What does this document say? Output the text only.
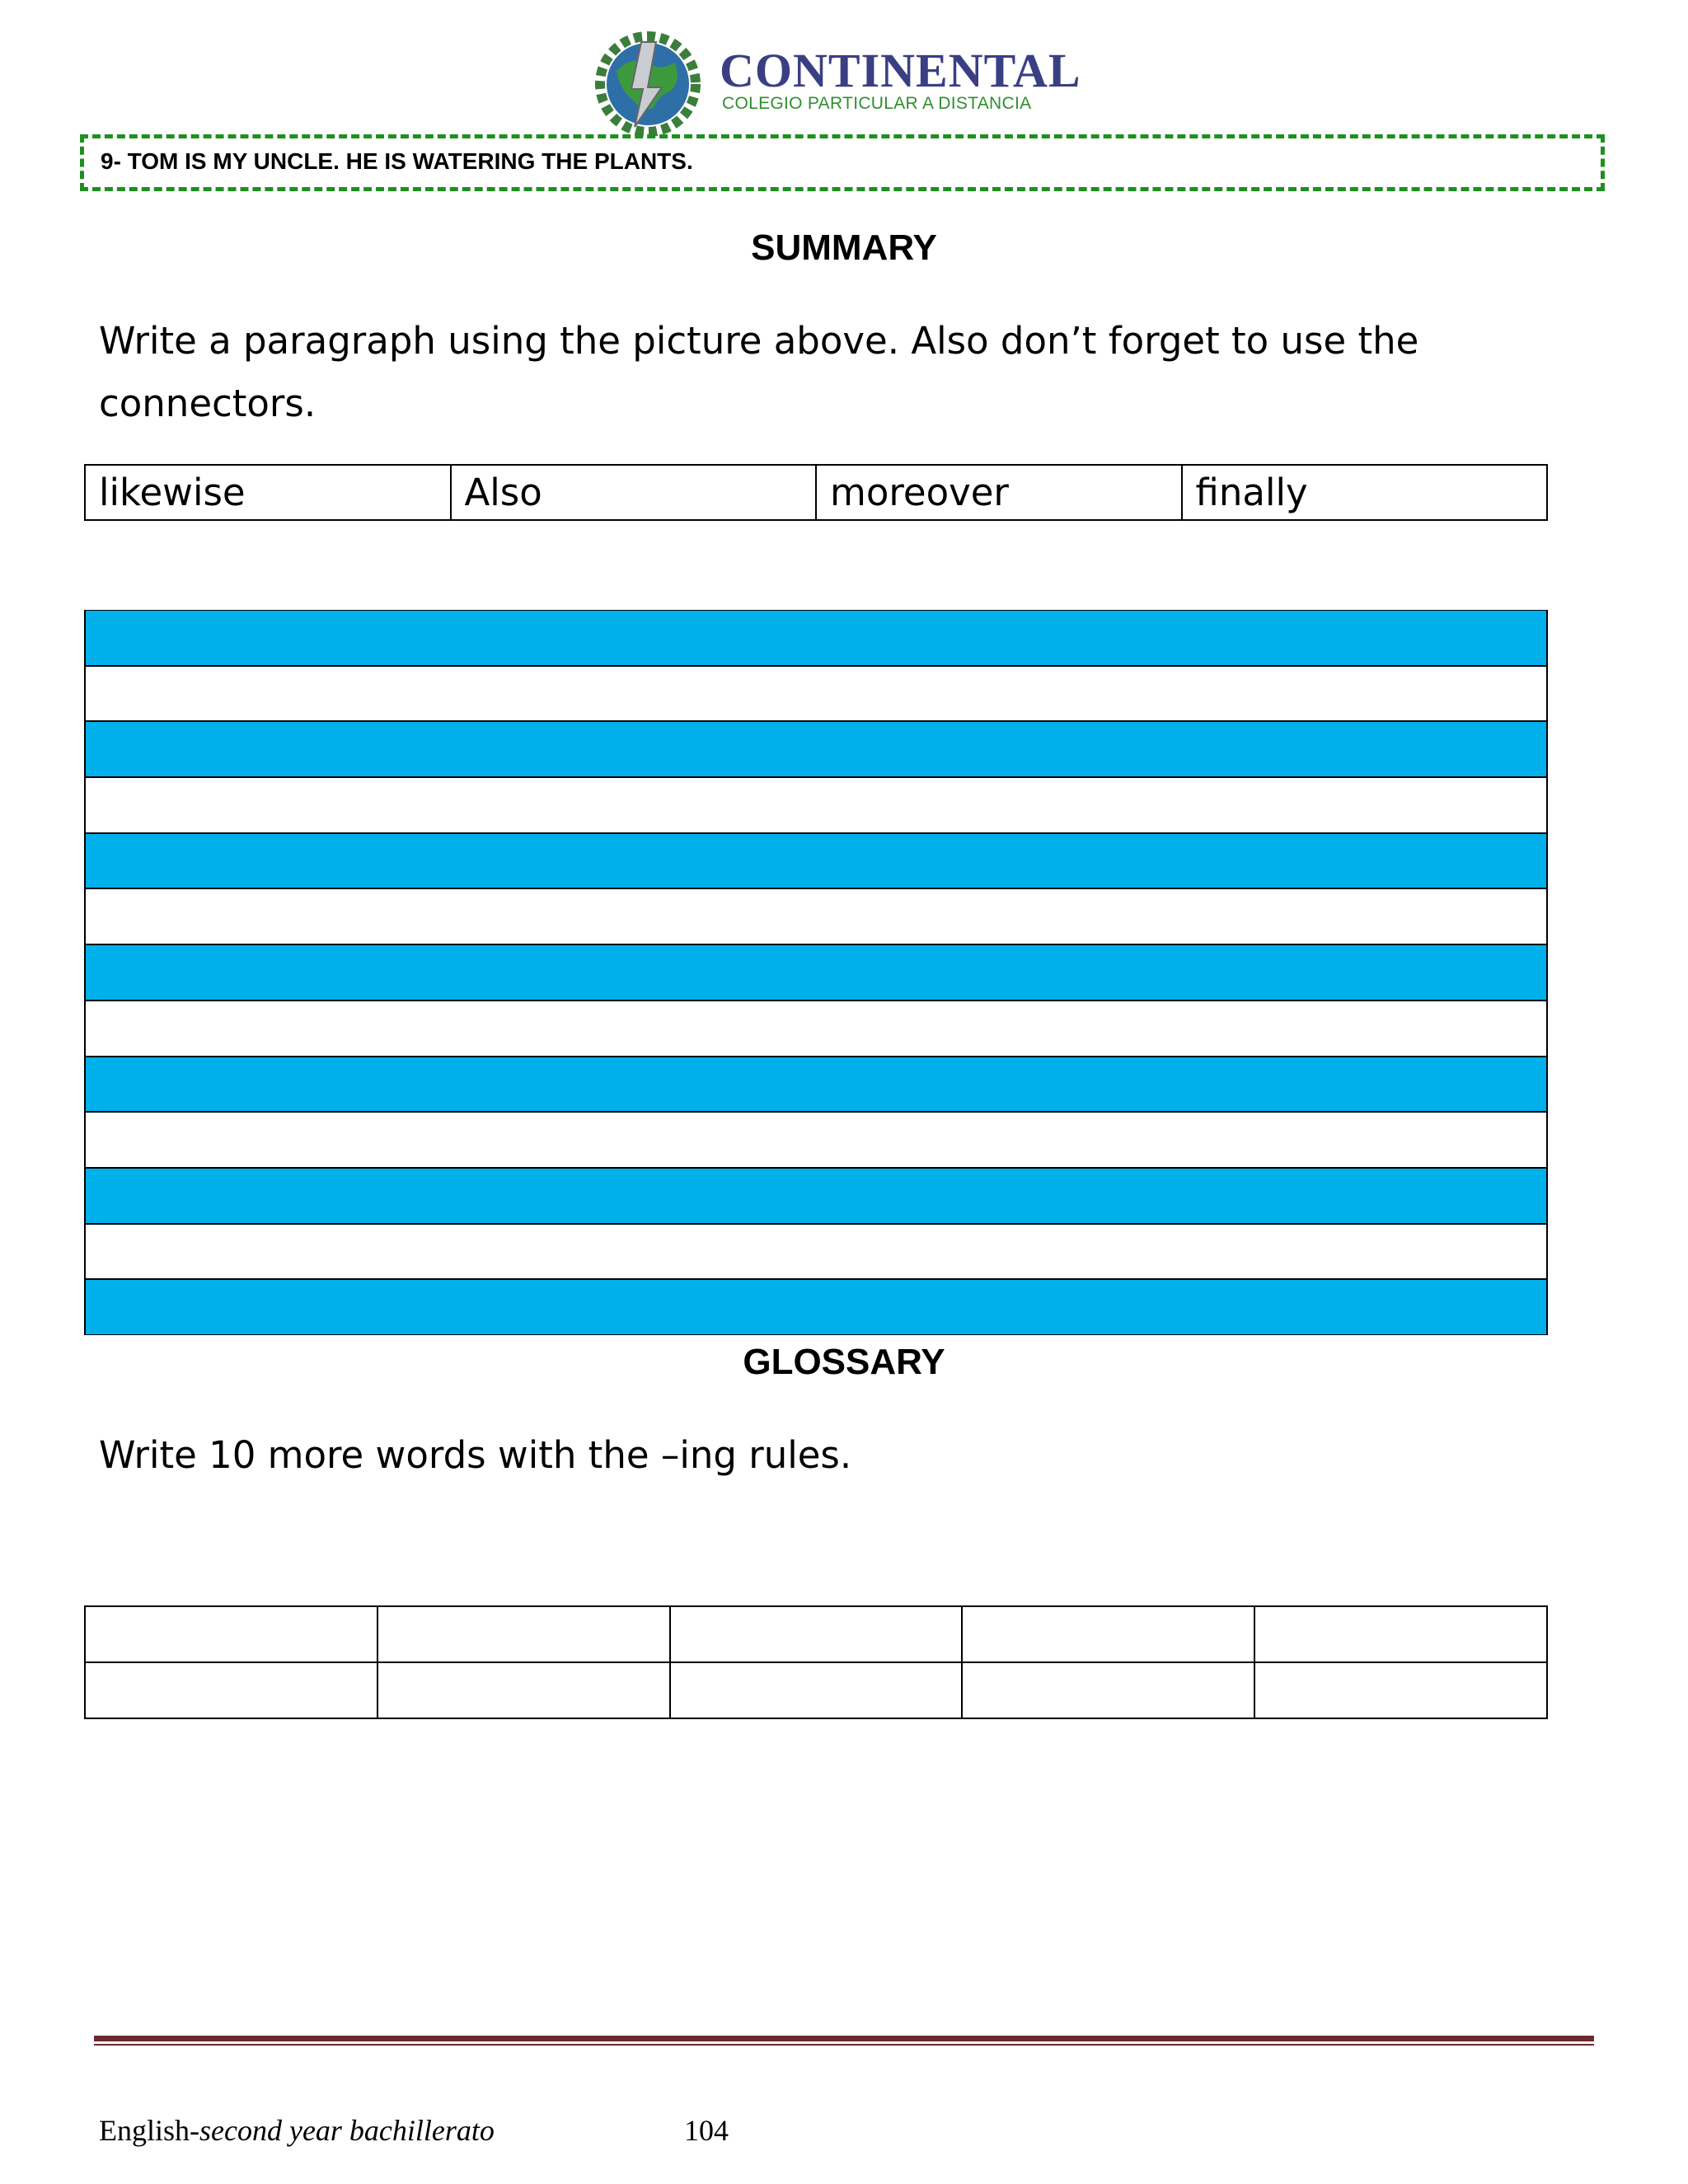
CONTINENTAL
COLEGIO PARTICULAR A DISTANCIA
9- TOM IS MY UNCLE. HE IS WATERING THE PLANTS.
SUMMARY
Write a paragraph using the picture above. Also don’t forget to use the
connectors.
likewise	Also	moreover	finally
GLOSSARY
Write 10 more words with the –ing rules.

English-second year bachillerato	104
